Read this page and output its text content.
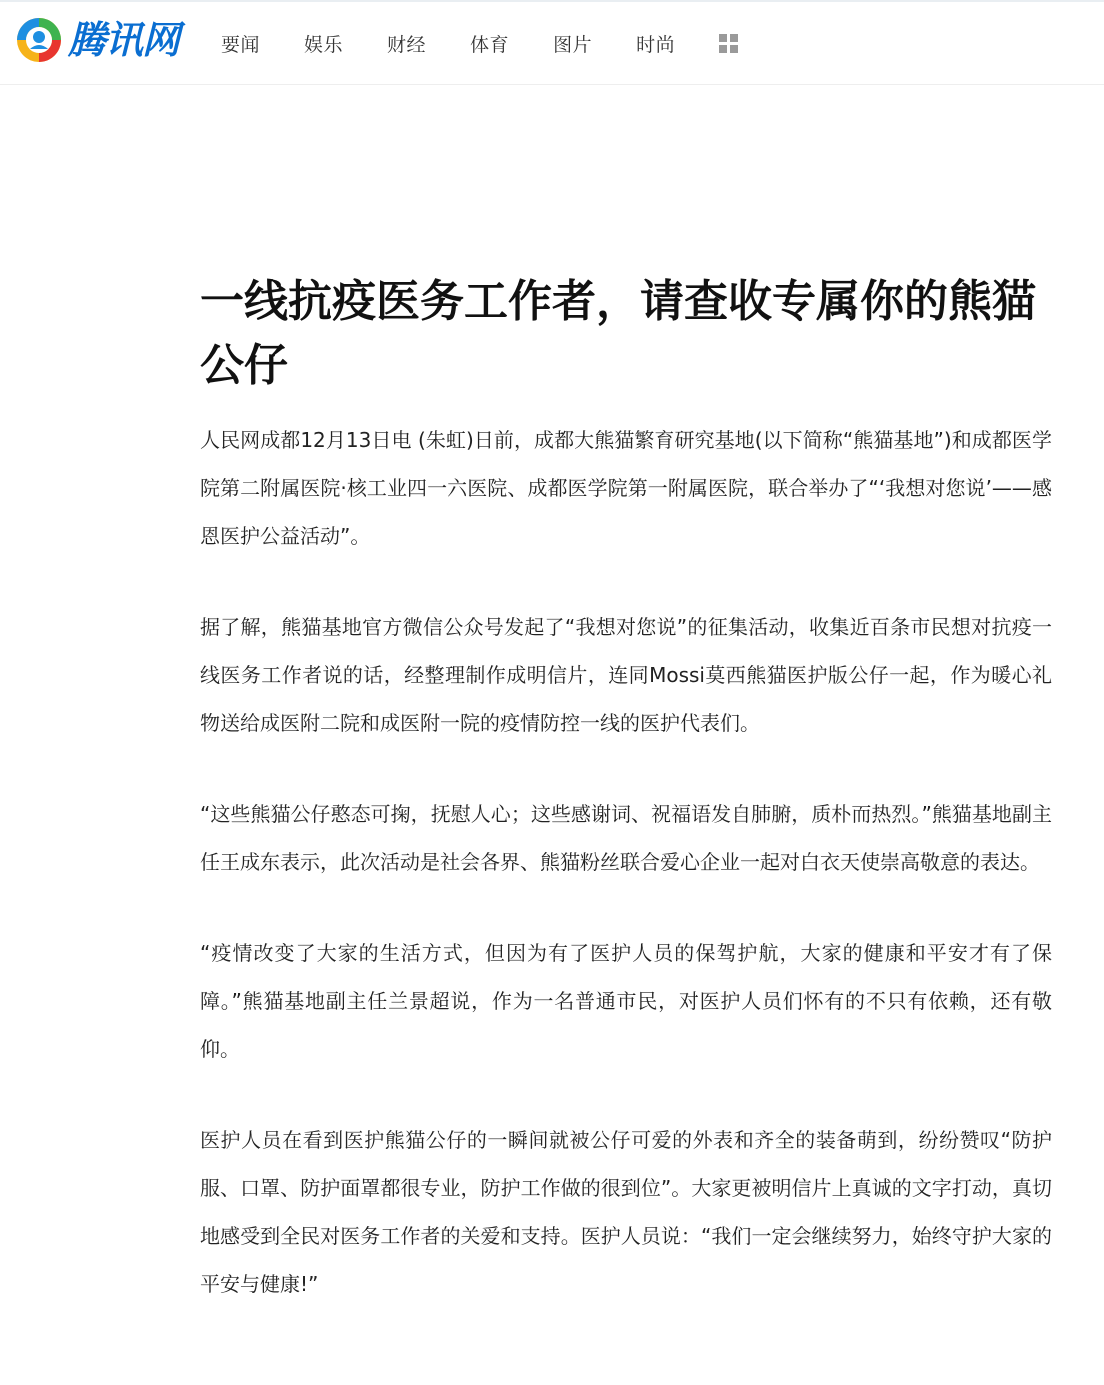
腾讯网 要闻 娱乐 财经 体育 图片 时尚
一线抗疫医务工作者，请查收专属你的熊猫公仔

人民网成都12月13日电 (朱虹)日前，成都大熊猫繁育研究基地(以下简称“熊猫基地”)和成都医学院第二附属医院·核工业四一六医院、成都医学院第一附属医院，联合举办了“‘我想对您说’——感恩医护公益活动”。

据了解，熊猫基地官方微信公众号发起了“我想对您说”的征集活动，收集近百条市民想对抗疫一线医务工作者说的话，经整理制作成明信片，连同Mossi莫西熊猫医护版公仔一起，作为暖心礼物送给成医附二院和成医附一院的疫情防控一线的医护代表们。

“这些熊猫公仔憨态可掬，抚慰人心；这些感谢词、祝福语发自肺腑，质朴而热烈。”熊猫基地副主任王成东表示，此次活动是社会各界、熊猫粉丝联合爱心企业一起对白衣天使崇高敬意的表达。

“疫情改变了大家的生活方式，但因为有了医护人员的保驾护航，大家的健康和平安才有了保障。”熊猫基地副主任兰景超说，作为一名普通市民，对医护人员们怀有的不只有依赖，还有敬仰。

医护人员在看到医护熊猫公仔的一瞬间就被公仔可爱的外表和齐全的装备萌到，纷纷赞叹“防护服、口罩、防护面罩都很专业，防护工作做的很到位”。大家更被明信片上真诚的文字打动，真切地感受到全民对医务工作者的关爱和支持。医护人员说：“我们一定会继续努力，始终守护大家的平安与健康!”
